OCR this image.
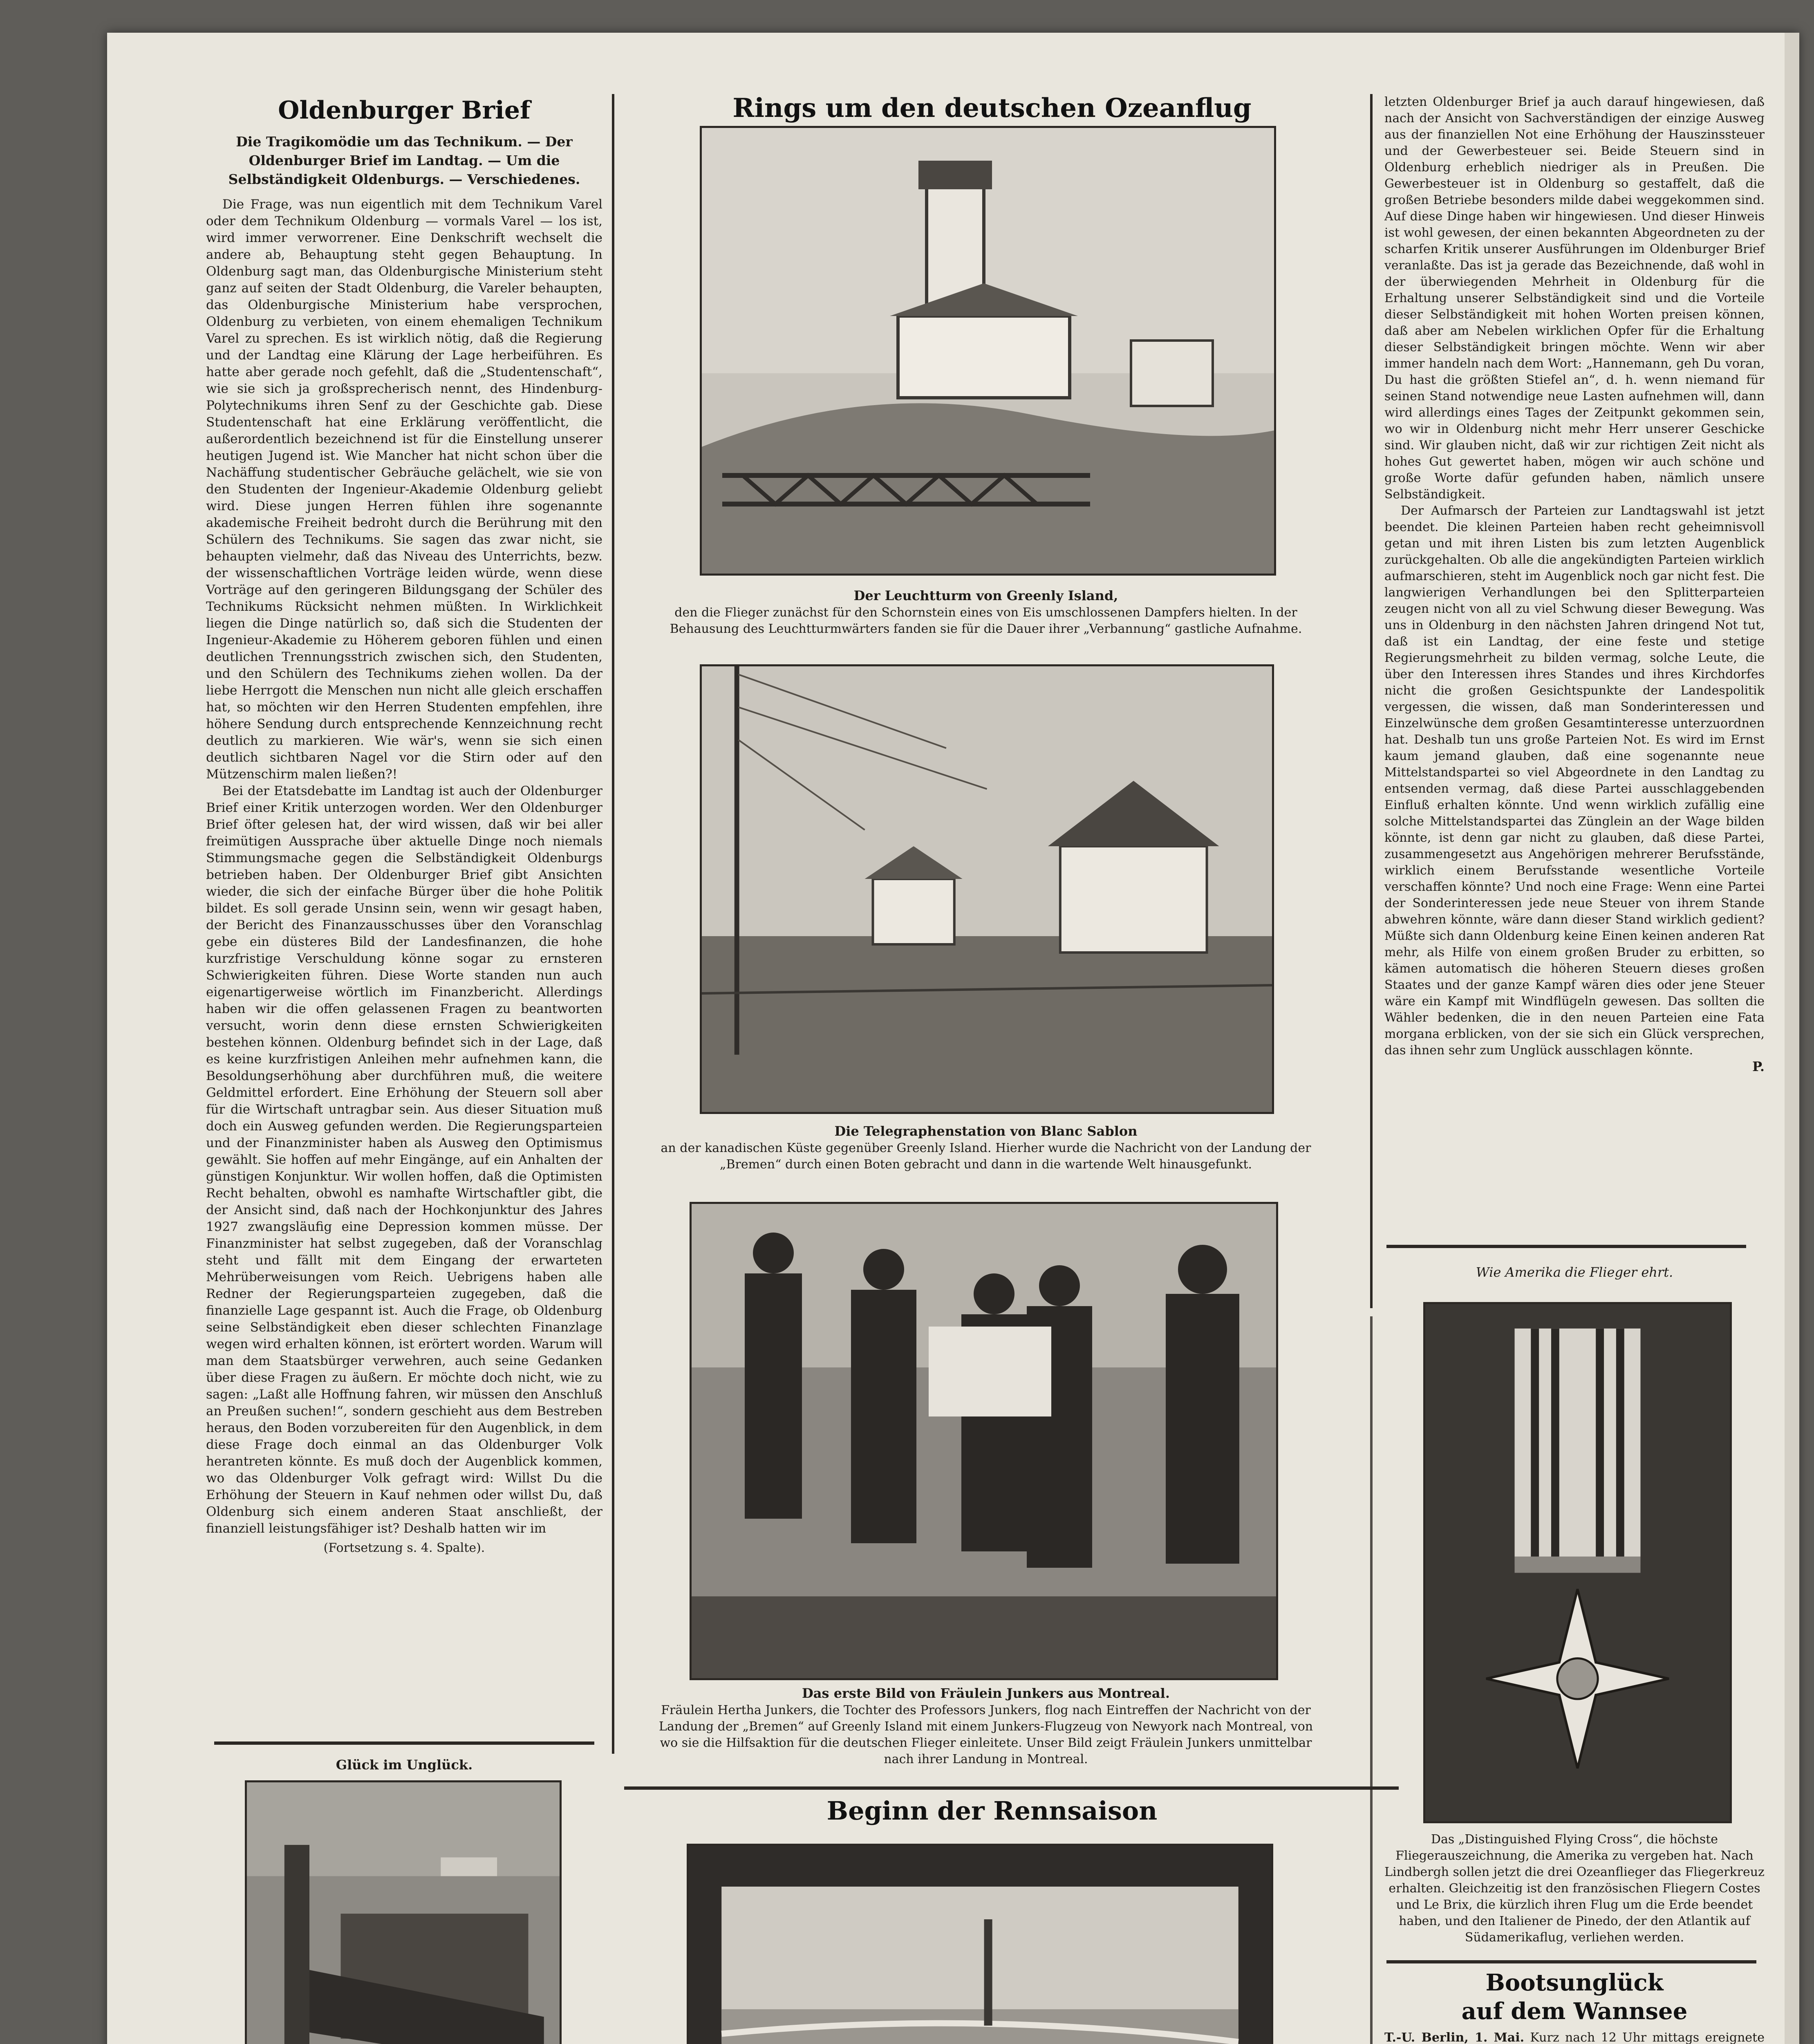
Oldenburger Brief
Die Tragikomödie um das Technikum. — Der Oldenburger Brief im Landtag. — Um die Selbständigkeit Oldenburgs. — Verschiedenes.

Die Frage, was nun eigentlich mit dem Technikum Varel oder dem Technikum Oldenburg — vormals Varel — los ist, wird immer verworrener. Eine Denkschrift wechselt die andere ab, Behauptung steht gegen Behauptung. In Oldenburg sagt man, das Oldenburgische Ministerium steht ganz auf seiten der Stadt Oldenburg, die Vareler behaupten, das Oldenburgische Ministerium habe versprochen, Oldenburg zu verbieten, von einem ehemaligen Technikum Varel zu sprechen. Es ist wirklich nötig, daß die Regierung und der Landtag eine Klärung der Lage herbeiführen. Es hatte aber gerade noch gefehlt, daß die „Studentenschaft“, wie sie sich ja großsprecherisch nennt, des Hindenburg-Polytechnikums ihren Senf zu der Geschichte gab. Diese Studentenschaft hat eine Erklärung veröffentlicht, die außerordentlich bezeichnend ist für die Einstellung unserer heutigen Jugend ist. Wie Mancher hat nicht schon über die Nachäffung studentischer Gebräuche gelächelt, wie sie von den Studenten der Ingenieur-Akademie Oldenburg geliebt wird. Diese jungen Herren fühlen ihre sogenannte akademische Freiheit bedroht durch die Berührung mit den Schülern des Technikums. Sie sagen das zwar nicht, sie behaupten vielmehr, daß das Niveau des Unterrichts, bezw. der wissenschaftlichen Vorträge leiden würde, wenn diese Vorträge auf den geringeren Bildungsgang der Schüler des Technikums Rücksicht nehmen müßten. In Wirklichkeit liegen die Dinge natürlich so, daß sich die Studenten der Ingenieur-Akademie zu Höherem geboren fühlen und einen deutlichen Trennungsstrich zwischen sich, den Studenten, und den Schülern des Technikums ziehen wollen. Da der liebe Herrgott die Menschen nun nicht alle gleich erschaffen hat, so möchten wir den Herren Studenten empfehlen, ihre höhere Sendung durch entsprechende Kennzeichnung recht deutlich zu markieren. Wie wär's, wenn sie sich einen deutlich sichtbaren Nagel vor die Stirn oder auf den Mützenschirm malen ließen?!

Bei der Etatsdebatte im Landtag ist auch der Oldenburger Brief einer Kritik unterzogen worden. Wer den Oldenburger Brief öfter gelesen hat, der wird wissen, daß wir bei aller freimütigen Aussprache über aktuelle Dinge noch niemals Stimmungsmache gegen die Selbständigkeit Oldenburgs betrieben haben. Der Oldenburger Brief gibt Ansichten wieder, die sich der einfache Bürger über die hohe Politik bildet. Es soll gerade Unsinn sein, wenn wir gesagt haben, der Bericht des Finanzausschusses über den Voranschlag gebe ein düsteres Bild der Landesfinanzen, die hohe kurzfristige Verschuldung könne sogar zu ernsteren Schwierigkeiten führen. Diese Worte standen nun auch eigenartigerweise wörtlich im Finanzbericht. Allerdings haben wir die offen gelassenen Fragen zu beantworten versucht, worin denn diese ernsten Schwierigkeiten bestehen können. Oldenburg befindet sich in der Lage, daß es keine kurzfristigen Anleihen mehr aufnehmen kann, die Besoldungserhöhung aber durchführen muß, die weitere Geldmittel erfordert. Eine Erhöhung der Steuern soll aber für die Wirtschaft untragbar sein. Aus dieser Situation muß doch ein Ausweg gefunden werden. Die Regierungsparteien und der Finanzminister haben als Ausweg den Optimismus gewählt. Sie hoffen auf mehr Eingänge, auf ein Anhalten der günstigen Konjunktur. Wir wollen hoffen, daß die Optimisten Recht behalten, obwohl es namhafte Wirtschaftler gibt, die der Ansicht sind, daß nach der Hochkonjunktur des Jahres 1927 zwangsläufig eine Depression kommen müsse. Der Finanzminister hat selbst zugegeben, daß der Voranschlag steht und fällt mit dem Eingang der erwarteten Mehrüberweisungen vom Reich. Uebrigens haben alle Redner der Regierungsparteien zugegeben, daß die finanzielle Lage gespannt ist. Auch die Frage, ob Oldenburg seine Selbständigkeit eben dieser schlechten Finanzlage wegen wird erhalten können, ist erörtert worden. Warum will man dem Staatsbürger verwehren, auch seine Gedanken über diese Fragen zu äußern. Er möchte doch nicht, wie zu sagen: „Laßt alle Hoffnung fahren, wir müssen den Anschluß an Preußen suchen!“, sondern geschieht aus dem Bestreben heraus, den Boden vorzubereiten für den Augenblick, in dem diese Frage doch einmal an das Oldenburger Volk herantreten könnte. Es muß doch der Augenblick kommen, wo das Oldenburger Volk gefragt wird: Willst Du die Erhöhung der Steuern in Kauf nehmen oder willst Du, daß Oldenburg sich einem anderen Staat anschließt, der finanziell leistungsfähiger ist? Deshalb hatten wir im

(Fortsetzung s. 4. Spalte).

Glück im Unglück.

Rings um den deutschen Ozeanflug
Der Leuchtturm von Greenly Island,

den die Flieger zunächst für den Schornstein eines von Eis umschlossenen Dampfers hielten. In der Behausung des Leuchtturmwärters fanden sie für die Dauer ihrer „Verbannung“ gastliche Aufnahme.

Die Telegraphenstation von Blanc Sablon

an der kanadischen Küste gegenüber Greenly Island. Hierher wurde die Nachricht von der Landung der „Bremen“ durch einen Boten gebracht und dann in die wartende Welt hinausgefunkt.

Das erste Bild von Fräulein Junkers aus Montreal.

Fräulein Hertha Junkers, die Tochter des Professors Junkers, flog nach Eintreffen der Nachricht von der Landung der „Bremen“ auf Greenly Island mit einem Junkers-Flugzeug von Newyork nach Montreal, von wo sie die Hilfsaktion für die deutschen Flieger einleitete. Unser Bild zeigt Fräulein Junkers unmittelbar nach ihrer Landung in Montreal.

Beginn der Rennsaison

letzten Oldenburger Brief ja auch darauf hingewiesen, daß nach der Ansicht von Sachverständigen der einzige Ausweg aus der finanziellen Not eine Erhöhung der Hauszinssteuer und der Gewerbesteuer sei. Beide Steuern sind in Oldenburg erheblich niedriger als in Preußen. Die Gewerbesteuer ist in Oldenburg so gestaffelt, daß die großen Betriebe besonders milde dabei weggekommen sind. Auf diese Dinge haben wir hingewiesen. Und dieser Hinweis ist wohl gewesen, der einen bekannten Abgeordneten zu der scharfen Kritik unserer Ausführungen im Oldenburger Brief veranlaßte. Das ist ja gerade das Bezeichnende, daß wohl in der überwiegenden Mehrheit in Oldenburg für die Erhaltung unserer Selbständigkeit sind und die Vorteile dieser Selbständigkeit mit hohen Worten preisen können, daß aber am Nebelen wirklichen Opfer für die Erhaltung dieser Selbständigkeit bringen möchte. Wenn wir aber immer handeln nach dem Wort: „Hannemann, geh Du voran, Du hast die größten Stiefel an“, d. h. wenn niemand für seinen Stand notwendige neue Lasten aufnehmen will, dann wird allerdings eines Tages der Zeitpunkt gekommen sein, wo wir in Oldenburg nicht mehr Herr unserer Geschicke sind. Wir glauben nicht, daß wir zur richtigen Zeit nicht als hohes Gut gewertet haben, mögen wir auch schöne und große Worte dafür gefunden haben, nämlich unsere Selbständigkeit.

Der Aufmarsch der Parteien zur Landtagswahl ist jetzt beendet. Die kleinen Parteien haben recht geheimnisvoll getan und mit ihren Listen bis zum letzten Augenblick zurückgehalten. Ob alle die angekündigten Parteien wirklich aufmarschieren, steht im Augenblick noch gar nicht fest. Die langwierigen Verhandlungen bei den Splitterparteien zeugen nicht von all zu viel Schwung dieser Bewegung. Was uns in Oldenburg in den nächsten Jahren dringend Not tut, daß ist ein Landtag, der eine feste und stetige Regierungsmehrheit zu bilden vermag, solche Leute, die über den Interessen ihres Standes und ihres Kirchdorfes nicht die großen Gesichtspunkte der Landespolitik vergessen, die wissen, daß man Sonderinteressen und Einzelwünsche dem großen Gesamtinteresse unterzuordnen hat. Deshalb tun uns große Parteien Not. Es wird im Ernst kaum jemand glauben, daß eine sogenannte neue Mittelstandspartei so viel Abgeordnete in den Landtag zu entsenden vermag, daß diese Partei ausschlaggebenden Einfluß erhalten könnte. Und wenn wirklich zufällig eine solche Mittelstandspartei das Zünglein an der Wage bilden könnte, ist denn gar nicht zu glauben, daß diese Partei, zusammengesetzt aus Angehörigen mehrerer Berufsstände, wirklich einem Berufsstande wesentliche Vorteile verschaffen könnte? Und noch eine Frage: Wenn eine Partei der Sonderinteressen jede neue Steuer von ihrem Stande abwehren könnte, wäre dann dieser Stand wirklich gedient? Müßte sich dann Oldenburg keine Einen keinen anderen Rat mehr, als Hilfe von einem großen Bruder zu erbitten, so kämen automatisch die höheren Steuern dieses großen Staates und der ganze Kampf wären dies oder jene Steuer wäre ein Kampf mit Windflügeln gewesen. Das sollten die Wähler bedenken, die in den neuen Parteien eine Fata morgana erblicken, von der sie sich ein Glück versprechen, das ihnen sehr zum Unglück ausschlagen könnte.

P.
Wie Amerika die Flieger ehrt.

Das „Distinguished Flying Cross“, die höchste Fliegerauszeichnung, die Amerika zu vergeben hat. Nach Lindbergh sollen jetzt die drei Ozeanflieger das Fliegerkreuz erhalten. Gleichzeitig ist den französischen Fliegern Costes und Le Brix, die kürzlich ihren Flug um die Erde beendet haben, und den Italiener de Pinedo, der den Atlantik auf Südamerikaflug, verliehen werden.

Bootsunglück
auf dem Wannsee

T.-U. Berlin, 1. Mai. Kurz nach 12 Uhr mittags ereignete
